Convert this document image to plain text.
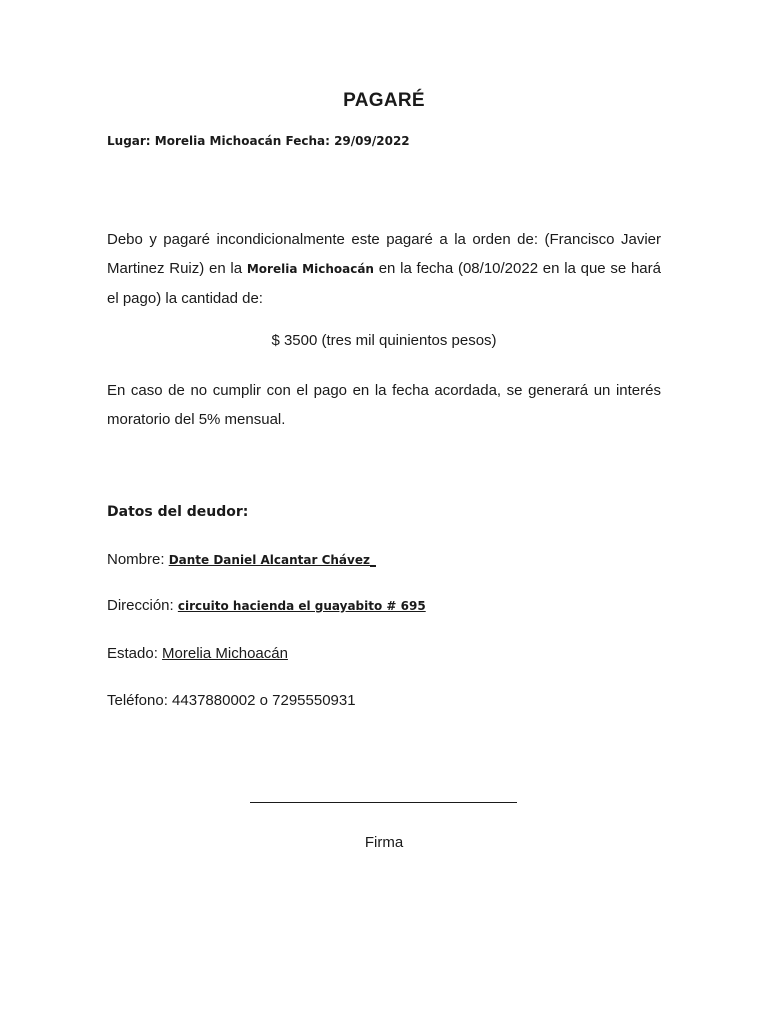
PAGARÉ
Lugar: Morelia Michoacán Fecha: 29/09/2022
Debo y pagaré incondicionalmente este pagaré a la orden de: (Francisco Javier Martinez Ruiz) en la Morelia Michoacán en la fecha (08/10/2022 en la que se hará el pago) la cantidad de:
$ 3500 (tres mil quinientos pesos)
En caso de no cumplir con el pago en la fecha acordada, se generará un interés moratorio del 5% mensual.
Datos del deudor:
Nombre: Dante Daniel Alcantar Chávez_
Dirección: circuito hacienda el guayabito # 695
Estado: Morelia Michoacán
Teléfono: 4437880002 o 7295550931
Firma
